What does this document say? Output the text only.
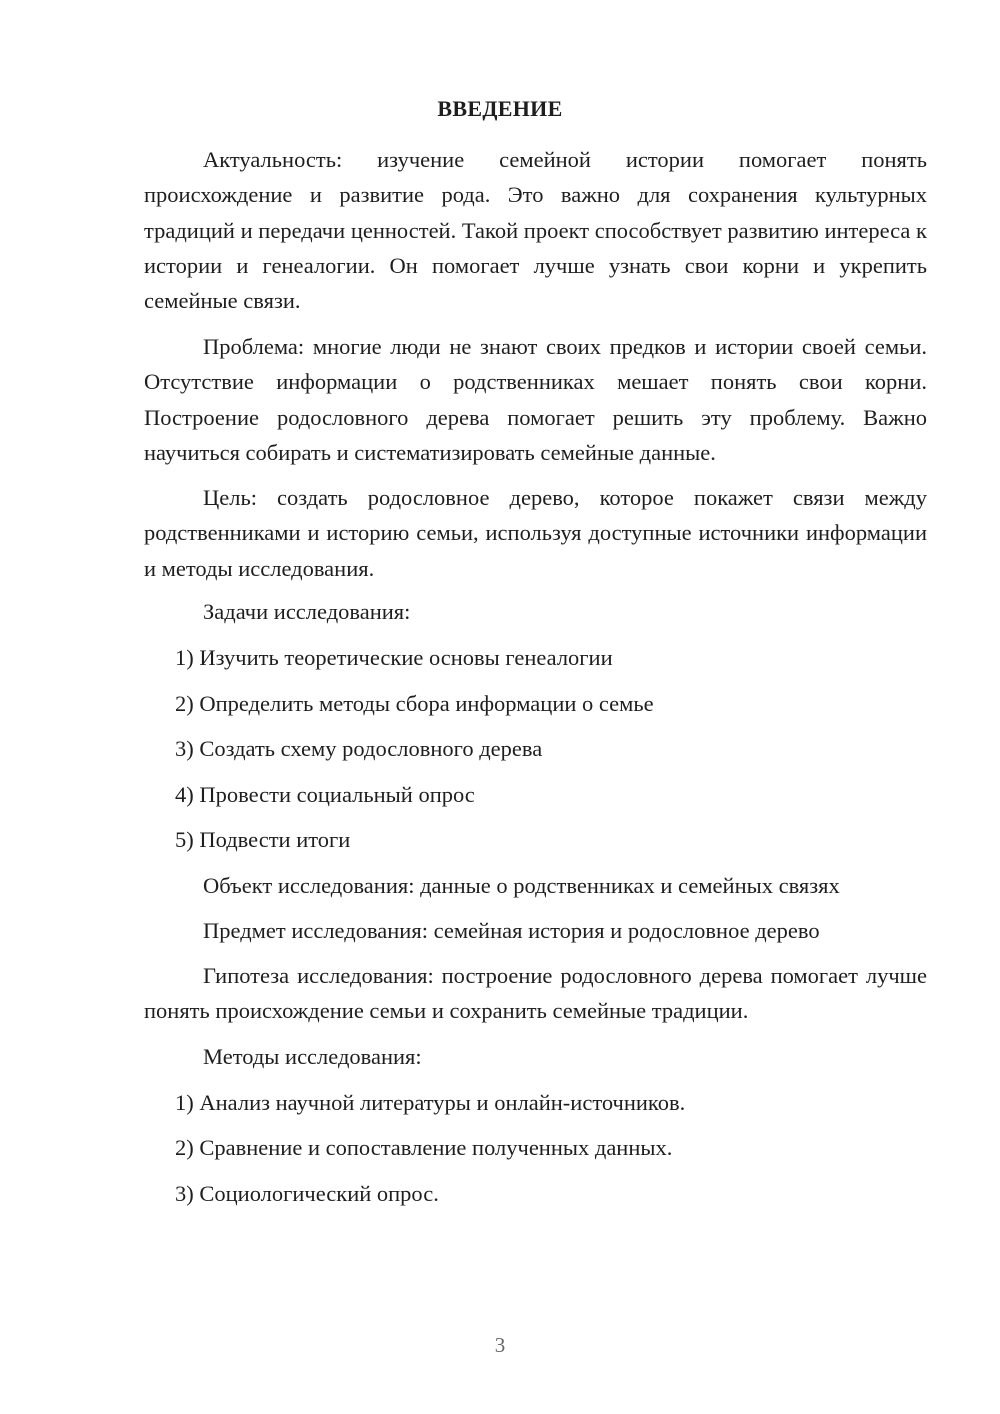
ВВЕДЕНИЕ

Актуальность: изучение семейной истории помогает понять происхождение и развитие рода. Это важно для сохранения культурных традиций и передачи ценностей. Такой проект способствует развитию интереса к истории и генеалогии. Он помогает лучше узнать свои корни и укрепить семейные связи.

Проблема: многие люди не знают своих предков и истории своей семьи. Отсутствие информации о родственниках мешает понять свои корни. Построение родословного дерева помогает решить эту проблему. Важно научиться собирать и систематизировать семейные данные.

Цель: создать родословное дерево, которое покажет связи между родственниками и историю семьи, используя доступные источники информации и методы исследования.

Задачи исследования:
1) Изучить теоретические основы генеалогии
2) Определить методы сбора информации о семье
3) Создать схему родословного дерева
4) Провести социальный опрос
5) Подвести итоги
Объект исследования: данные о родственниках и семейных связях
Предмет исследования: семейная история и родословное дерево

Гипотеза исследования: построение родословного дерева помогает лучше понять происхождение семьи и сохранить семейные традиции.

Методы исследования:
1) Анализ научной литературы и онлайн-источников.
2) Сравнение и сопоставление полученных данных.
3) Социологический опрос.
3
